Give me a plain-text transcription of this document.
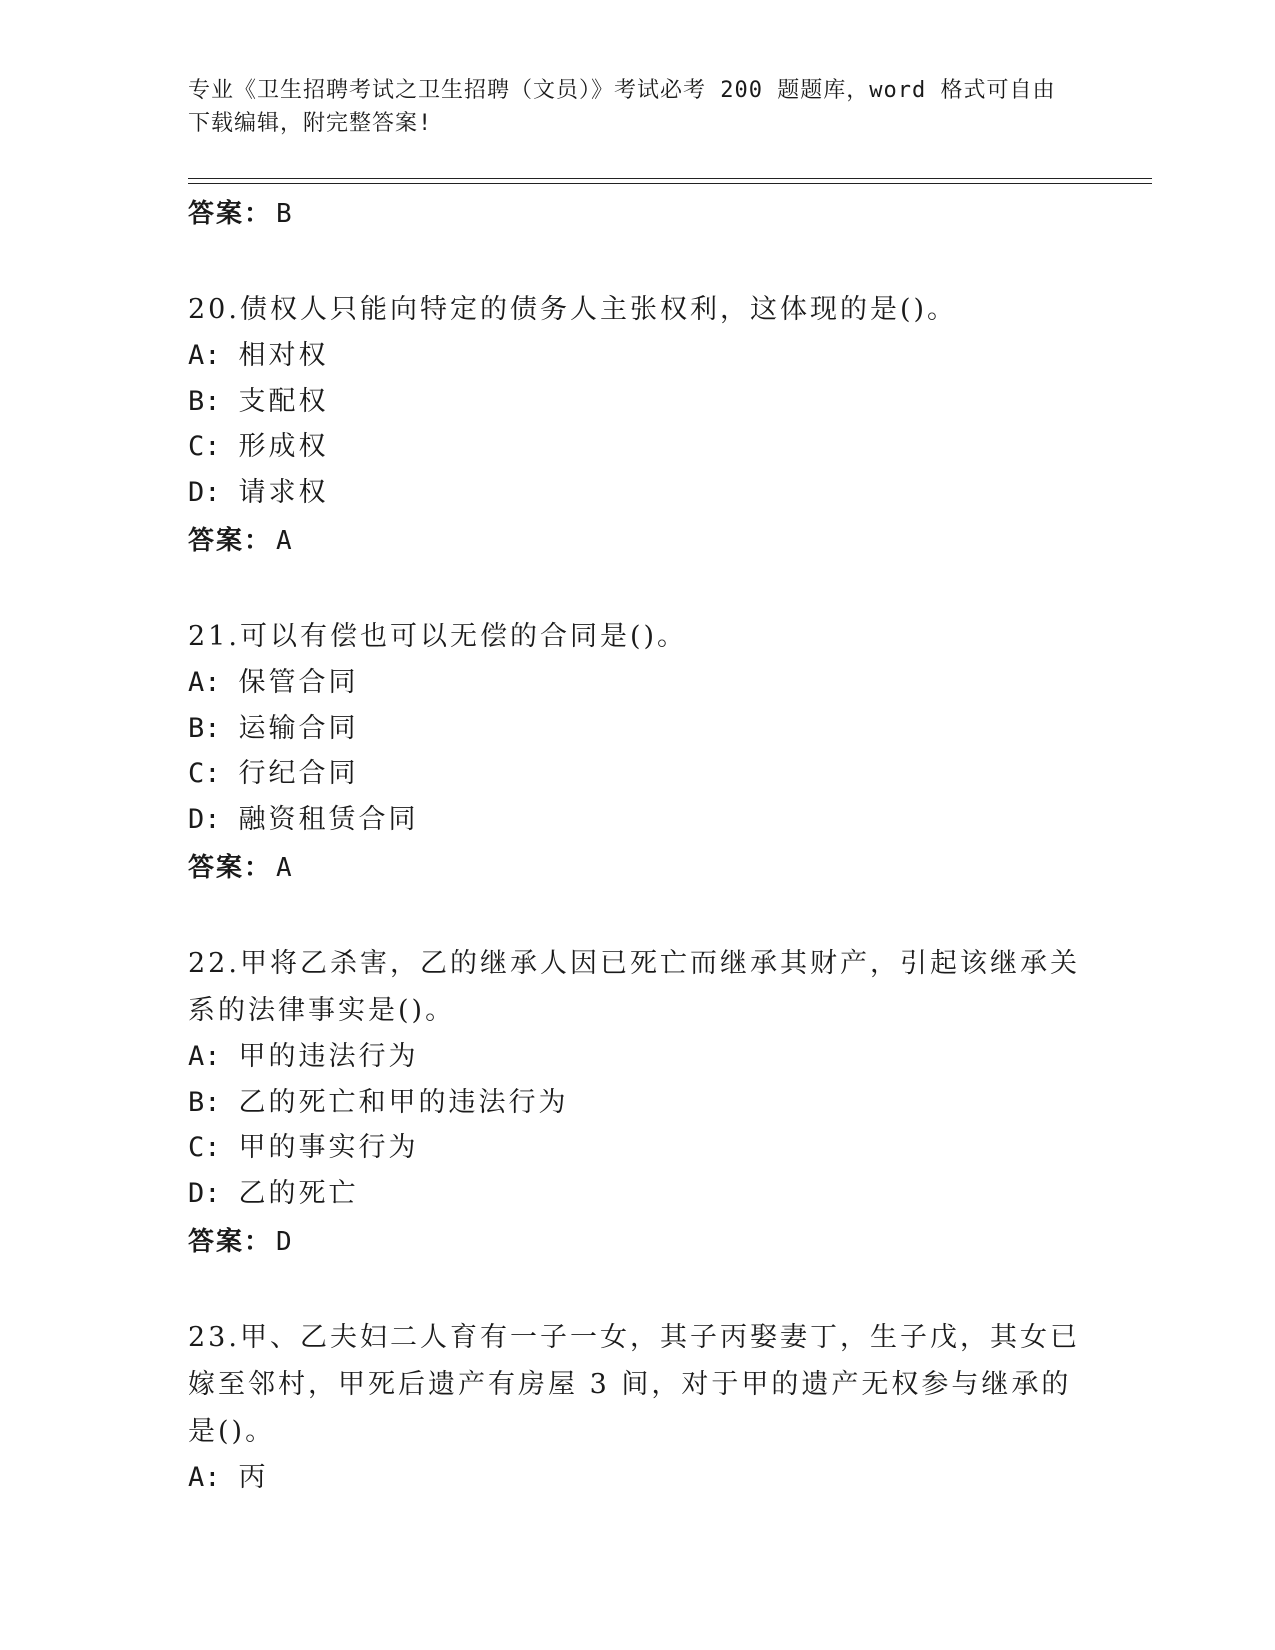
专业《卫生招聘考试之卫生招聘（文员）》考试必考 200 题题库，word 格式可自由下载编辑，附完整答案!
答案： B
20.债权人只能向特定的债务人主张权利，这体现的是()。
A: 相对权
B: 支配权
C: 形成权
D: 请求权
答案： A
21.可以有偿也可以无偿的合同是()。
A: 保管合同
B: 运输合同
C: 行纪合同
D: 融资租赁合同
答案： A
22.甲将乙杀害，乙的继承人因已死亡而继承其财产，引起该继承关系的法律事实是()。
A: 甲的违法行为
B: 乙的死亡和甲的违法行为
C: 甲的事实行为
D: 乙的死亡
答案： D
23.甲、乙夫妇二人育有一子一女，其子丙娶妻丁，生子戊，其女已嫁至邻村，甲死后遗产有房屋 3 间，对于甲的遗产无权参与继承的是()。
A: 丙
